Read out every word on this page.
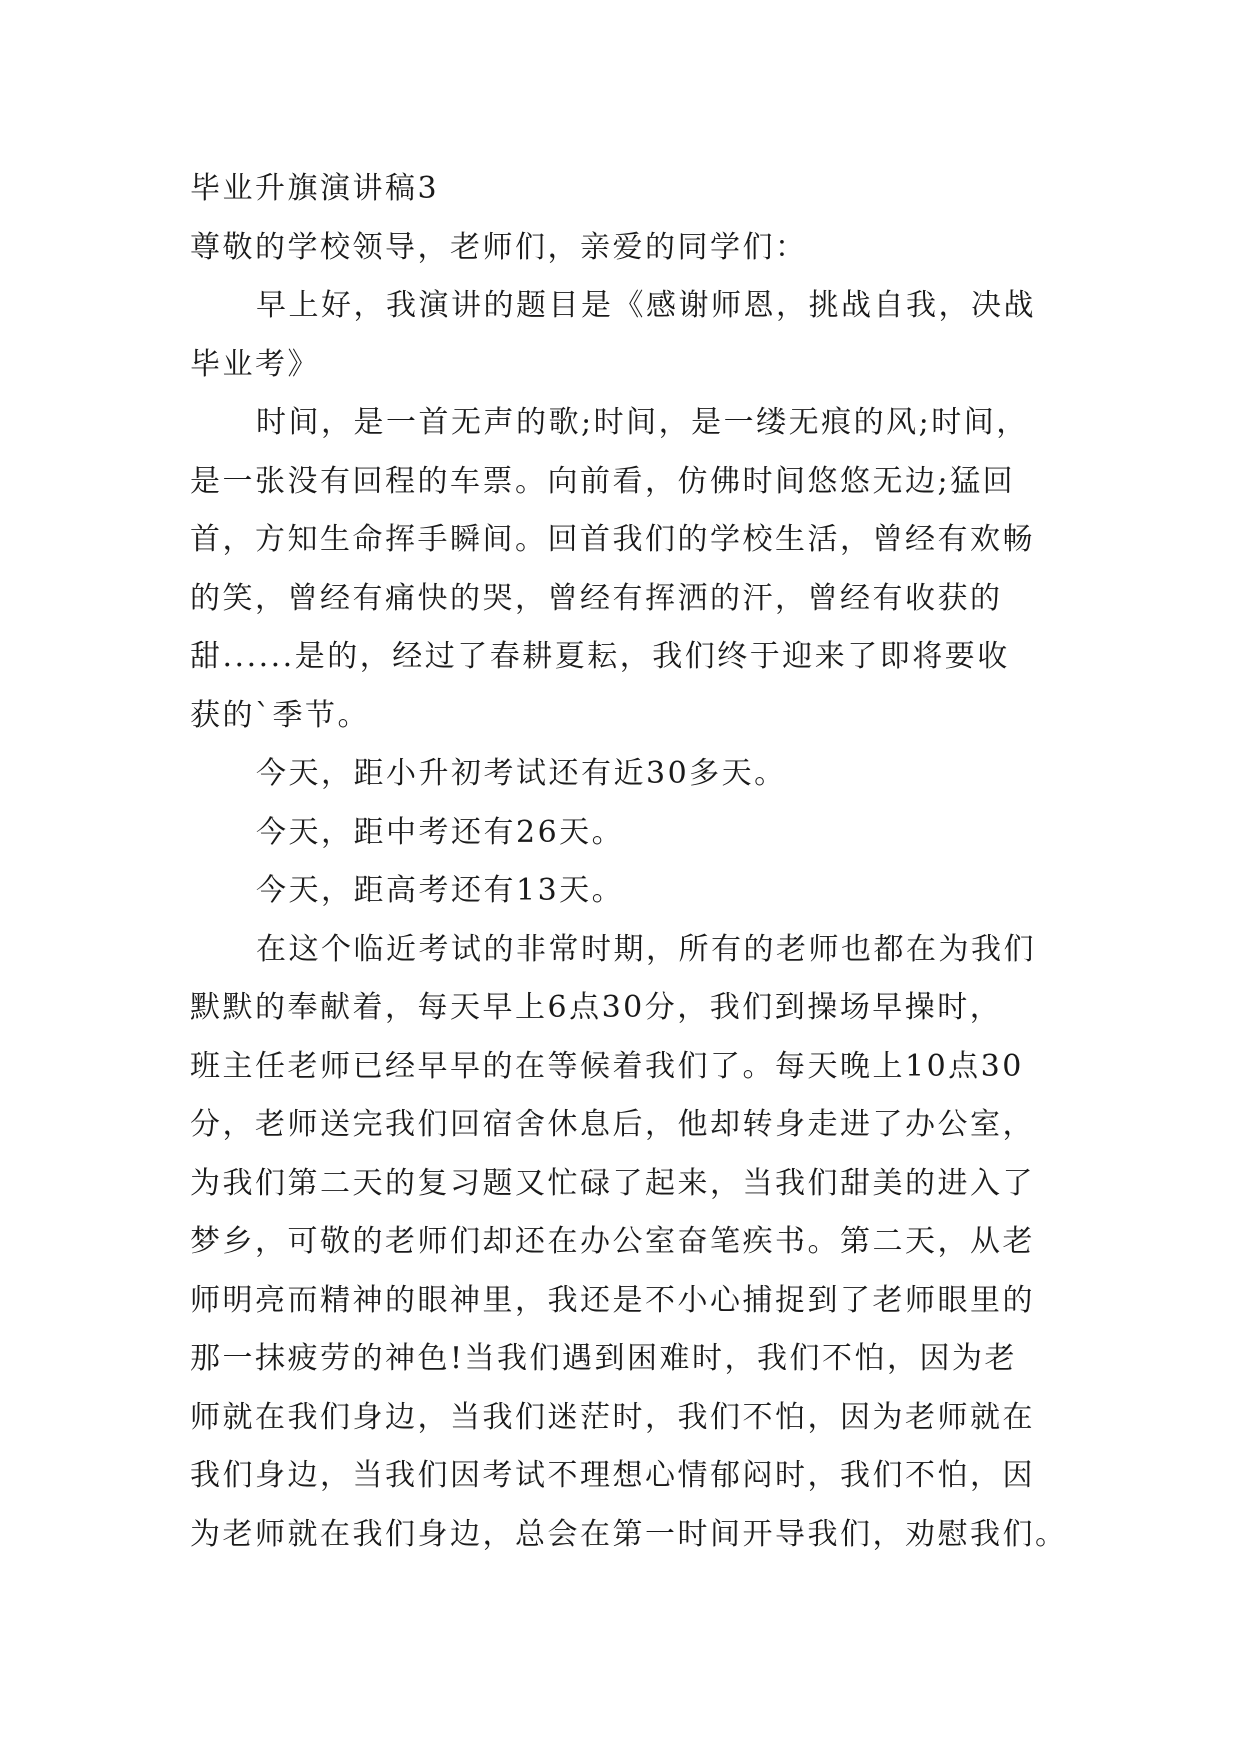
毕业升旗演讲稿3
尊敬的学校领导，老师们，亲爱的同学们：
早上好，我演讲的题目是《感谢师恩，挑战自我，决战
毕业考》
时间，是一首无声的歌;时间，是一缕无痕的风;时间，
是一张没有回程的车票。向前看，仿佛时间悠悠无边;猛回
首，方知生命挥手瞬间。回首我们的学校生活，曾经有欢畅
的笑，曾经有痛快的哭，曾经有挥洒的汗，曾经有收获的
甜......是的，经过了春耕夏耘，我们终于迎来了即将要收
获的`季节。
今天，距小升初考试还有近30多天。
今天，距中考还有26天。
今天，距高考还有13天。
在这个临近考试的非常时期，所有的老师也都在为我们
默默的奉献着，每天早上6点30分，我们到操场早操时，
班主任老师已经早早的在等候着我们了。每天晚上10点30
分，老师送完我们回宿舍休息后，他却转身走进了办公室，
为我们第二天的复习题又忙碌了起来，当我们甜美的进入了
梦乡，可敬的老师们却还在办公室奋笔疾书。第二天，从老
师明亮而精神的眼神里，我还是不小心捕捉到了老师眼里的
那一抹疲劳的神色!当我们遇到困难时，我们不怕，因为老
师就在我们身边，当我们迷茫时，我们不怕，因为老师就在
我们身边，当我们因考试不理想心情郁闷时，我们不怕，因
为老师就在我们身边，总会在第一时间开导我们，劝慰我们。
